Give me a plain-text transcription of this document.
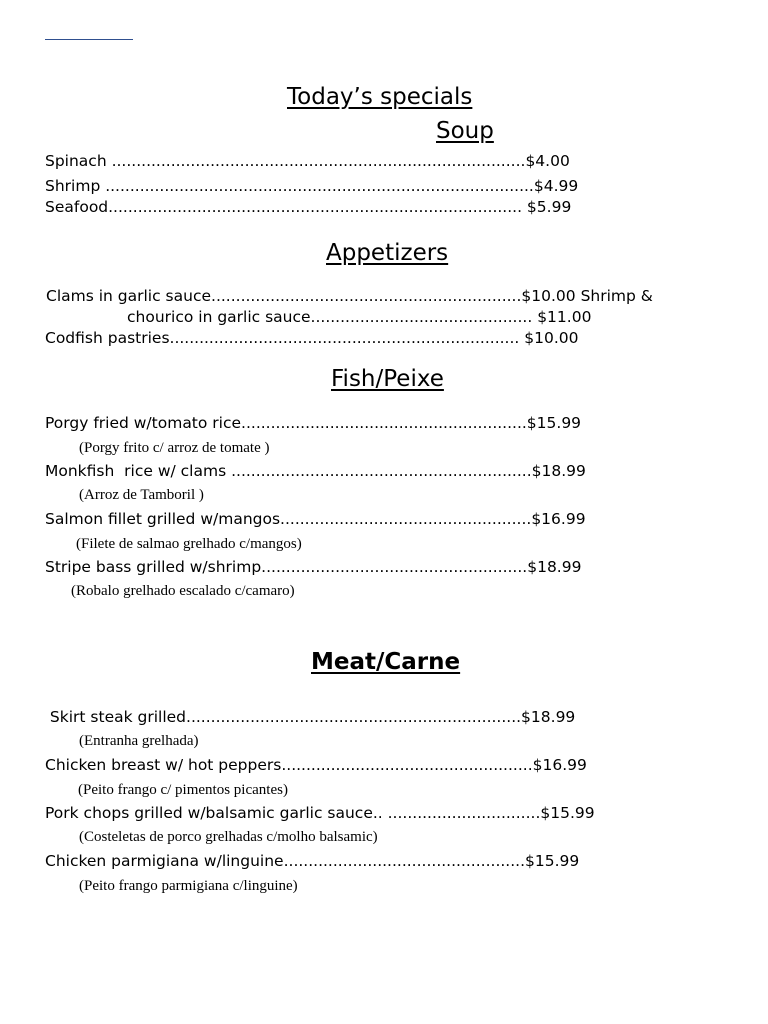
Today’s specials
Soup
Spinach ....................................................................................$4.00
Shrimp .......................................................................................$4.99
Seafood.................................................................................... $5.99
Appetizers
Clams in garlic sauce...............................................................$10.00 Shrimp &
chourico in garlic sauce............................................. $11.00
Codfish pastries....................................................................... $10.00
Fish/Peixe
Porgy fried w/tomato rice..........................................................$15.99
(Porgy frito c/ arroz de tomate )
Monkfish  rice w/ clams .............................................................$18.99
(Arroz de Tamboril )
Salmon fillet grilled w/mangos...................................................$16.99
(Filete de salmao grelhado c/mangos)
Stripe bass grilled w/shrimp......................................................$18.99
(Robalo grelhado escalado c/camaro)
Meat/Carne
Skirt steak grilled....................................................................$18.99
(Entranha grelhada)
Chicken breast w/ hot peppers...................................................$16.99
(Peito frango c/ pimentos picantes)
Pork chops grilled w/balsamic garlic sauce.. ...............................$15.99
(Costeletas de porco grelhadas c/molho balsamic)
Chicken parmigiana w/linguine.................................................$15.99
(Peito frango parmigiana c/linguine)
